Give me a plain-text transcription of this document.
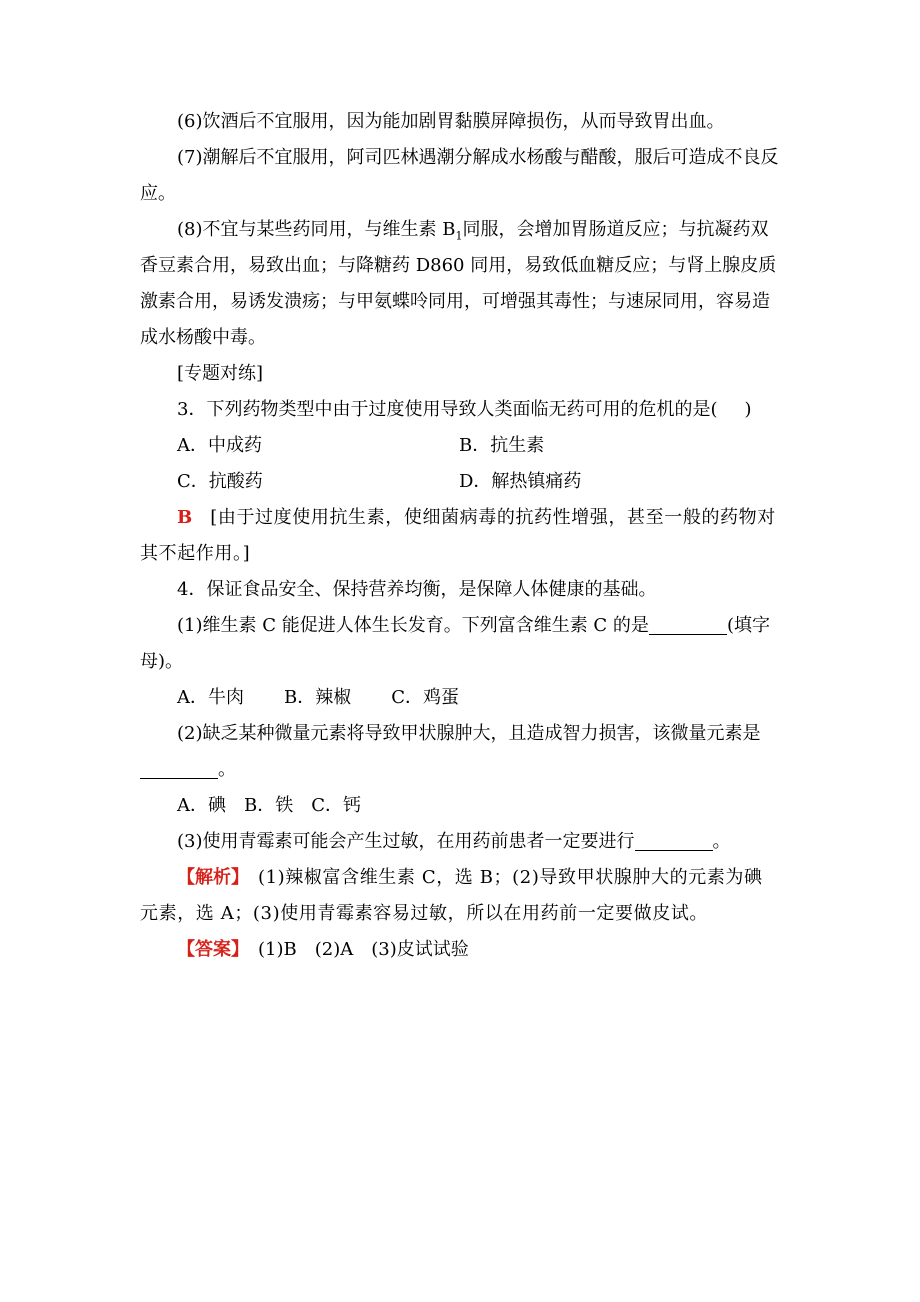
(6)饮酒后不宜服用，因为能加剧胃黏膜屏障损伤，从而导致胃出血。

(7)潮解后不宜服用，阿司匹林遇潮分解成水杨酸与醋酸，服后可造成不良反应。

(8)不宜与某些药同用，与维生素 $B_1$同服，会增加胃肠道反应；与抗凝药双香豆素合用，易致出血；与降糖药 D860 同用，易致低血糖反应；与肾上腺皮质激素合用，易诱发溃疡；与甲氨蝶呤同用，可增强其毒性；与速尿同用，容易造成水杨酸中毒。

[专题对练]

3．下列药物类型中由于过度使用导致人类面临无药可用的危机的是(　  )

A．中成药	B．抗生素
C．抗酸药	D．解热镇痛药

B  [由于过度使用抗生素，使细菌病毒的抗药性增强，甚至一般的药物对其不起作用。]

4．保证食品安全、保持营养均衡，是保障人体健康的基础。

(1)维生素 C 能促进人体生长发育。下列富含维生素 C 的是	(填字母)。

A．牛肉 B．辣椒 C．鸡蛋

(2)缺乏某种微量元素将导致甲状腺肿大，且造成智力损害，该微量元素是。

A．碘 B．铁 C．钙

(3)使用青霉素可能会产生过敏，在用药前患者一定要进行	。

【解析】  (1)辣椒富含维生素 C，选 B；(2)导致甲状腺肿大的元素为碘元素，选 A；(3)使用青霉素容易过敏，所以在用药前一定要做皮试。

【答案】  (1)B　(2)A　(3)皮试试验
